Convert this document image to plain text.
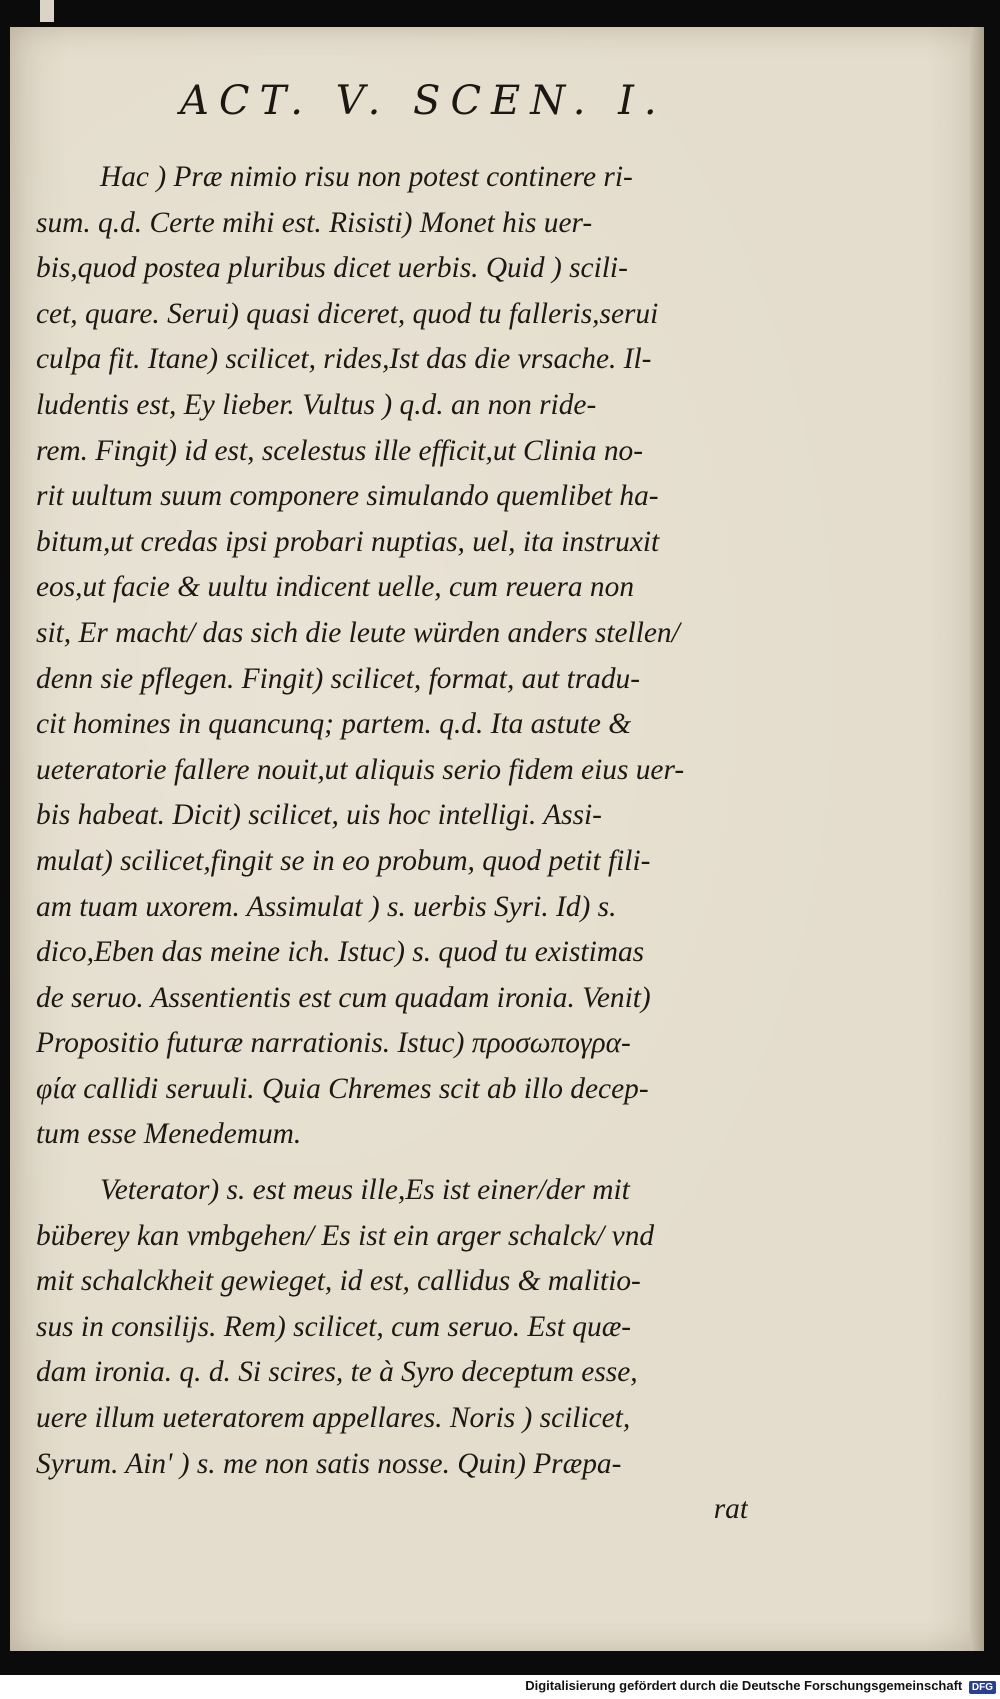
ACT. V. SCEN. I.
Hac ) Præ nimio risu non potest continere ri-
sum. q.d. Certe mihi est. Risisti) Monet his uer-
bis,quod postea pluribus dicet uerbis. Quid ) scili-
cet, quare. Serui) quasi diceret, quod tu falleris,serui
culpa fit. Itane) scilicet, rides,Ist das die vrsache. Il-
ludentis est, Ey lieber. Vultus ) q.d. an non ride-
rem. Fingit) id est, scelestus ille efficit,ut Clinia no-
rit uultum suum componere simulando quemlibet ha-
bitum,ut credas ipsi probari nuptias, uel, ita instruxit
eos,ut facie & uultu indicent uelle, cum reuera non
sit, Er macht/ das sich die leute würden anders stellen/
denn sie pflegen. Fingit) scilicet, format, aut tradu-
cit homines in quancunq; partem. q.d. Ita astute &
ueteratorie fallere nouit,ut aliquis serio fidem eius uer-
bis habeat. Dicit) scilicet, uis hoc intelligi. Assi-
mulat) scilicet,fingit se in eo probum, quod petit fili-
am tuam uxorem. Assimulat ) s. uerbis Syri. Id) s.
dico,Eben das meine ich. Istuc) s. quod tu existimas
de seruo. Assentientis est cum quadam ironia. Venit)
Propositio futuræ narrationis. Istuc) προσωπογρα-
φία callidi seruuli. Quia Chremes scit ab illo decep-
tum esse Menedemum.
Veterator) s. est meus ille,Es ist einer/der mit
büberey kan vmbgehen/ Es ist ein arger schalck/ vnd
mit schalckheit gewieget, id est, callidus & malitio-
sus in consilijs. Rem) scilicet, cum seruo. Est quæ-
dam ironia. q. d. Si scires, te à Syro deceptum esse,
uere illum ueteratorem appellares. Noris ) scilicet,
Syrum. Ain' ) s. me non satis nosse. Quin) Præpa-
rat
Digitalisierung gefördert durch die Deutsche Forschungsgemeinschaft DFG
